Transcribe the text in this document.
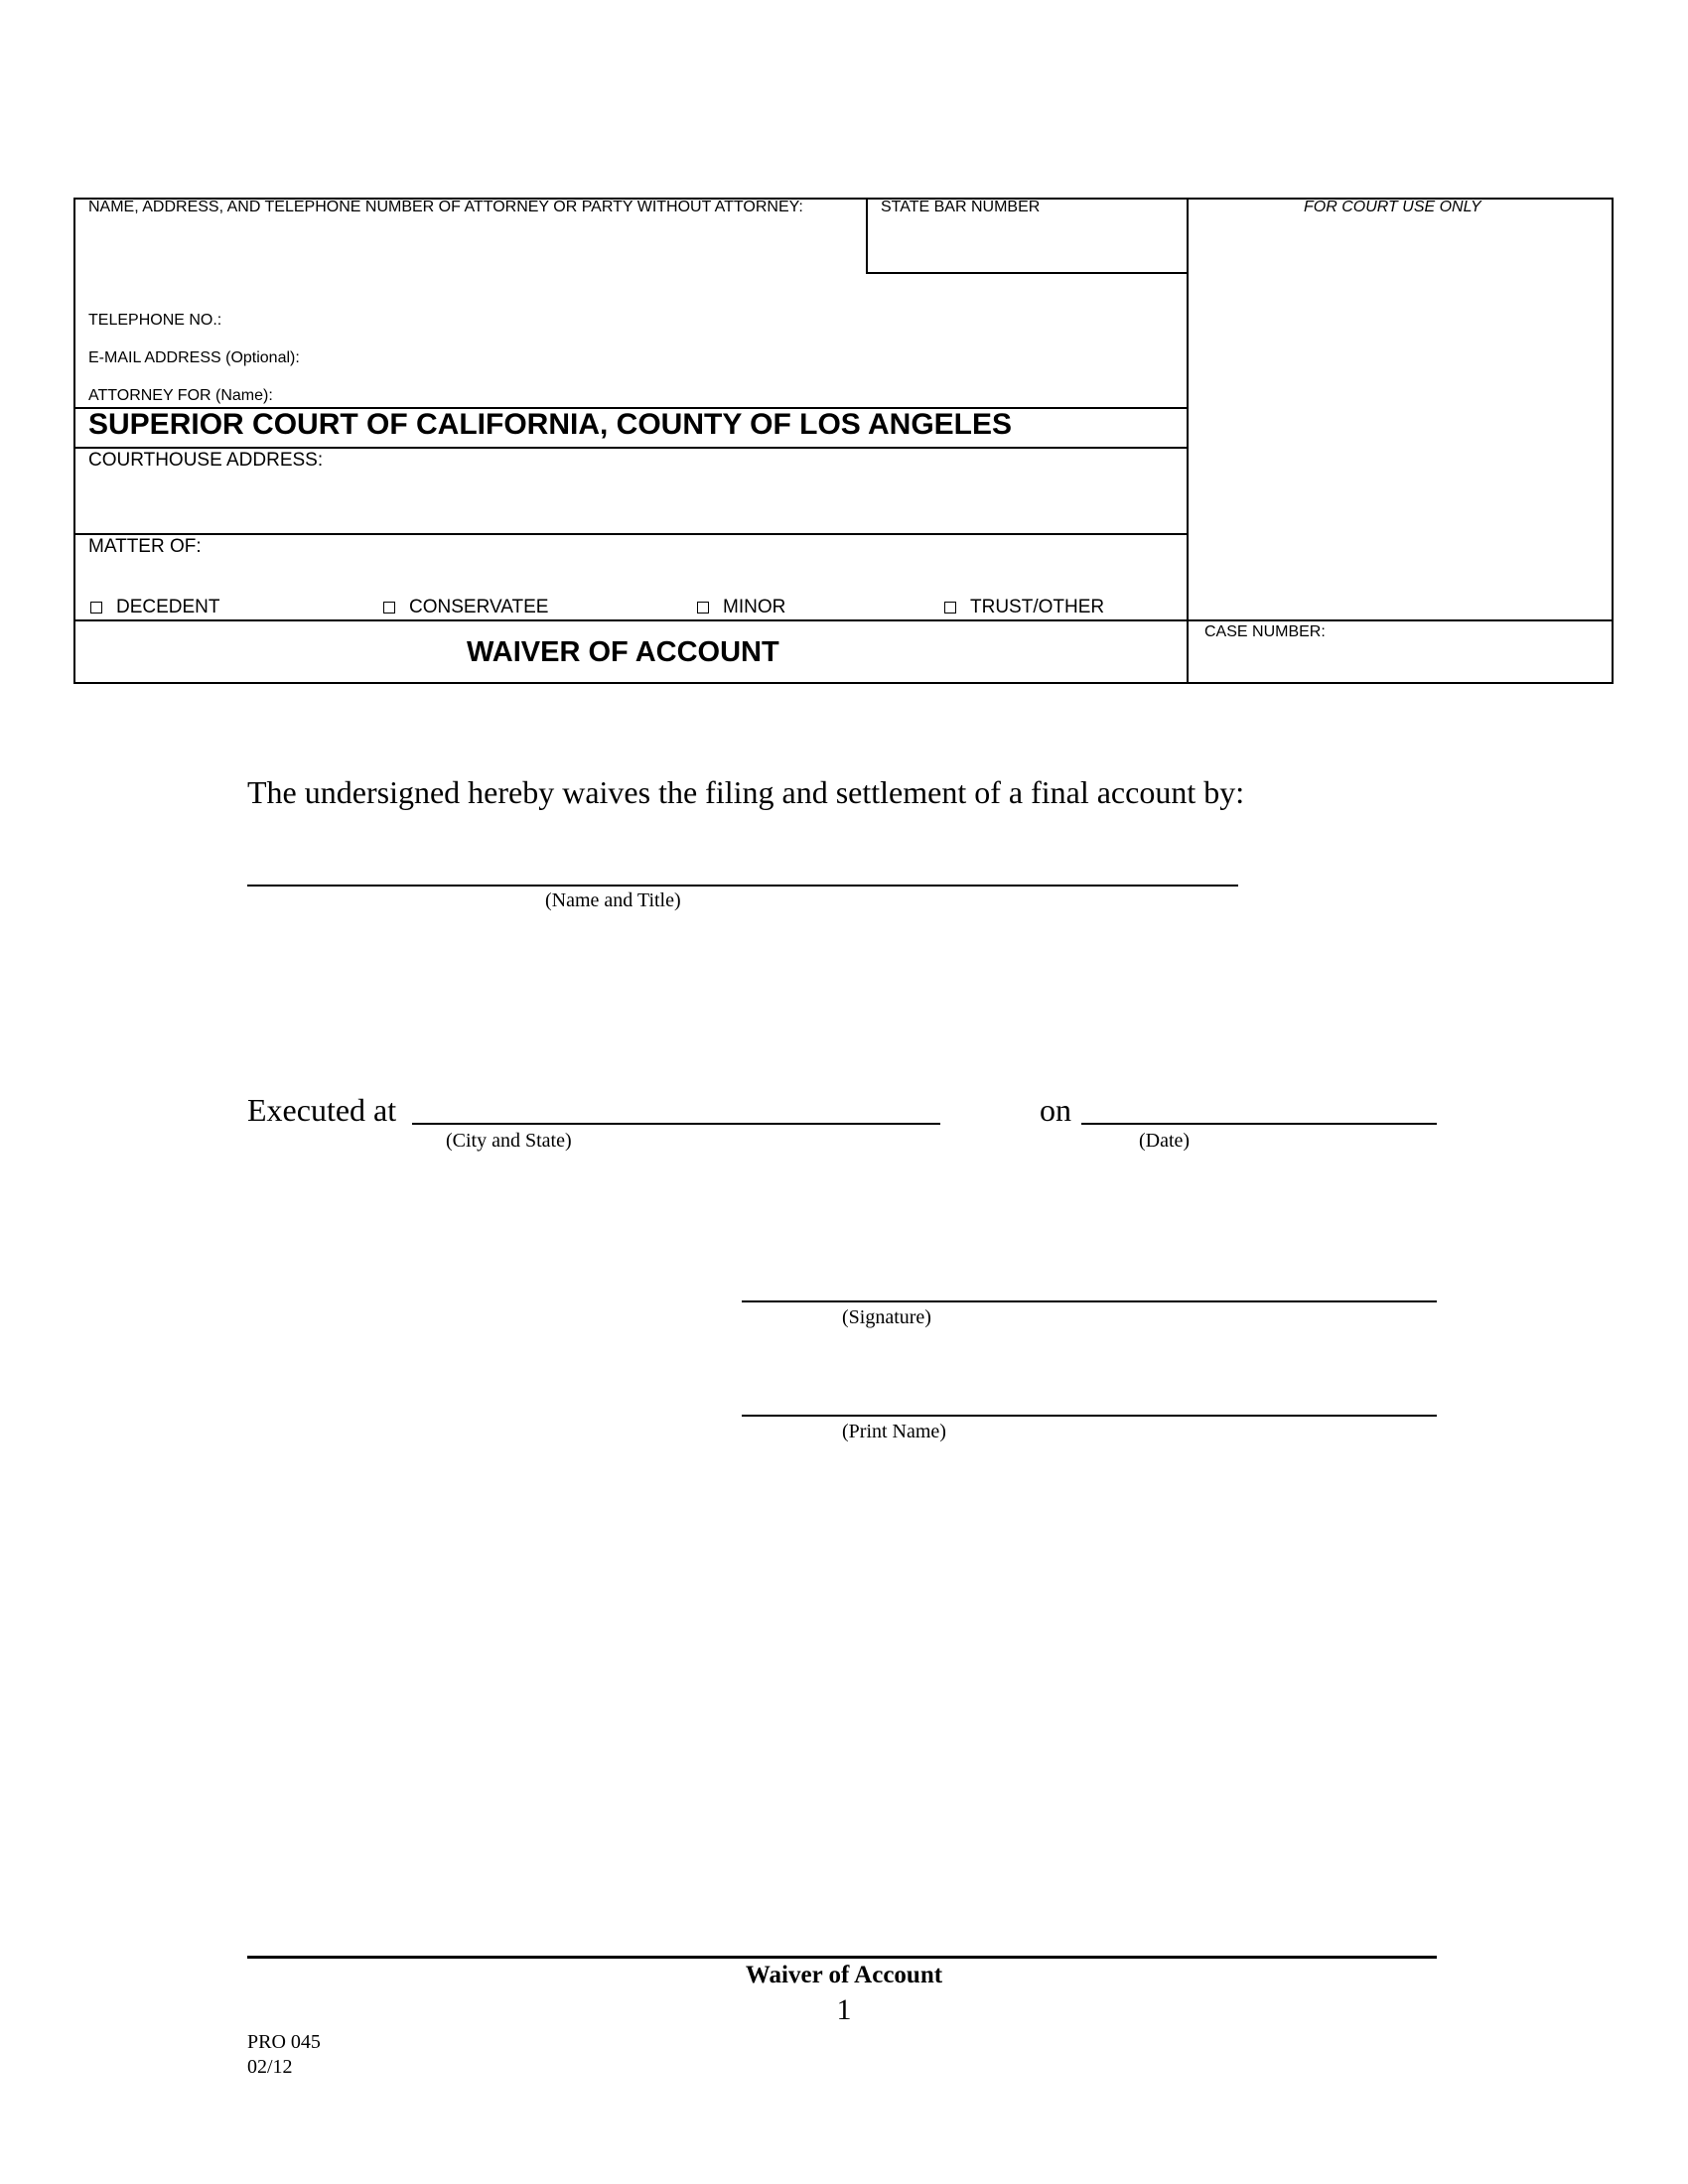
NAME, ADDRESS, AND TELEPHONE NUMBER OF ATTORNEY OR PARTY WITHOUT ATTORNEY:	STATE BAR NUMBER	FOR COURT USE ONLY
TELEPHONE NO.:
E-MAIL ADDRESS (Optional):
ATTORNEY FOR (Name):
SUPERIOR COURT OF CALIFORNIA, COUNTY OF LOS ANGELES
COURTHOUSE ADDRESS:
MATTER OF:
DECEDENT	CONSERVATEE	MINOR	TRUST/OTHER
WAIVER OF ACCOUNT
CASE NUMBER:
The undersigned hereby waives the filing and settlement of a final account by:
(Name and Title)
Executed at
(City and State)
on
(Date)
(Signature)
(Print Name)
Waiver of Account
1
PRO 045
02/12
